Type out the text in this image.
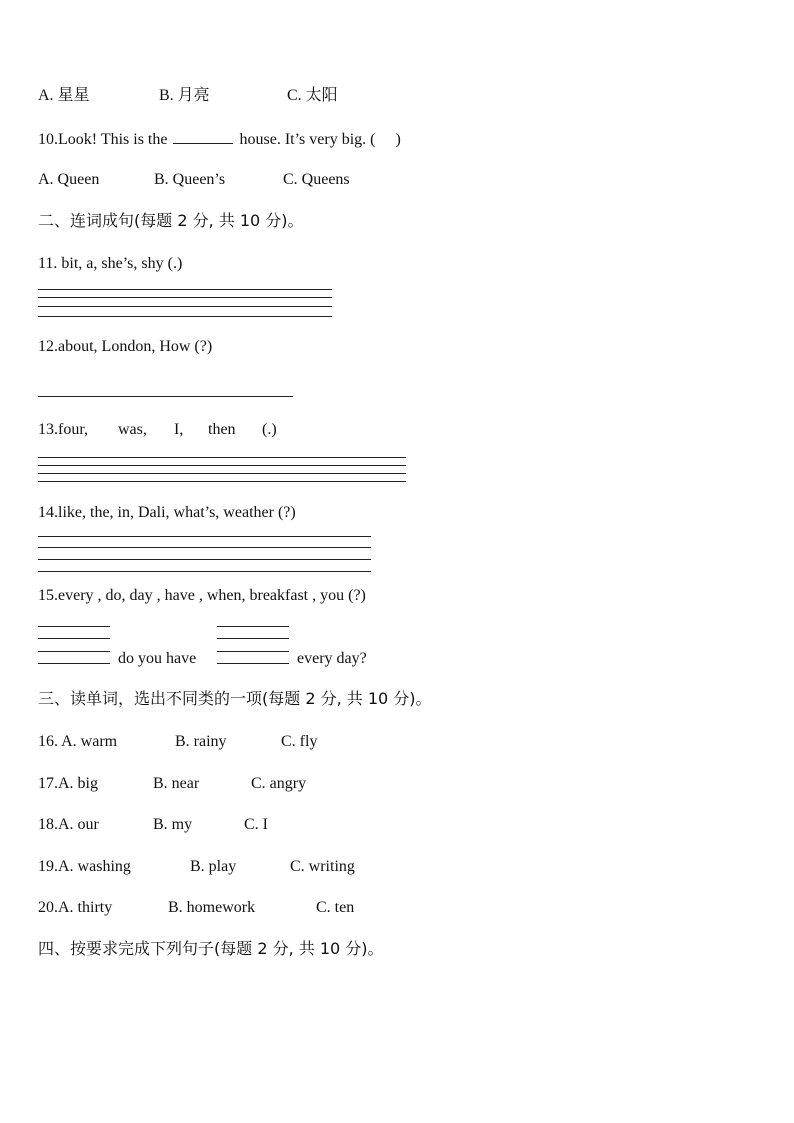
A. 星星	B. 月亮	C. 太阳
10.Look! This is the	house. It’s very big. ( )
A. Queen	B. Queen’s	C. Queens
二、连词成句(每题 2 分, 共 10 分)。
11. bit, a, she’s, shy (.)
12.about, London, How (?)
13.four, was, I, then (.)
14.like, the, in, Dali, what’s, weather (?)
15.every , do, day , have , when, breakfast , you (?)
do you have	every day?
三、读单词，选出不同类的一项(每题 2 分, 共 10 分)。
16. A. warm	B. rainy	C. fly
17.A. big	B. near	C. angry
18.A. our	B. my	C. I
19.A. washing	B. play	C. writing
20.A. thirty	B. homework	C. ten
四、按要求完成下列句子(每题 2 分, 共 10 分)。
